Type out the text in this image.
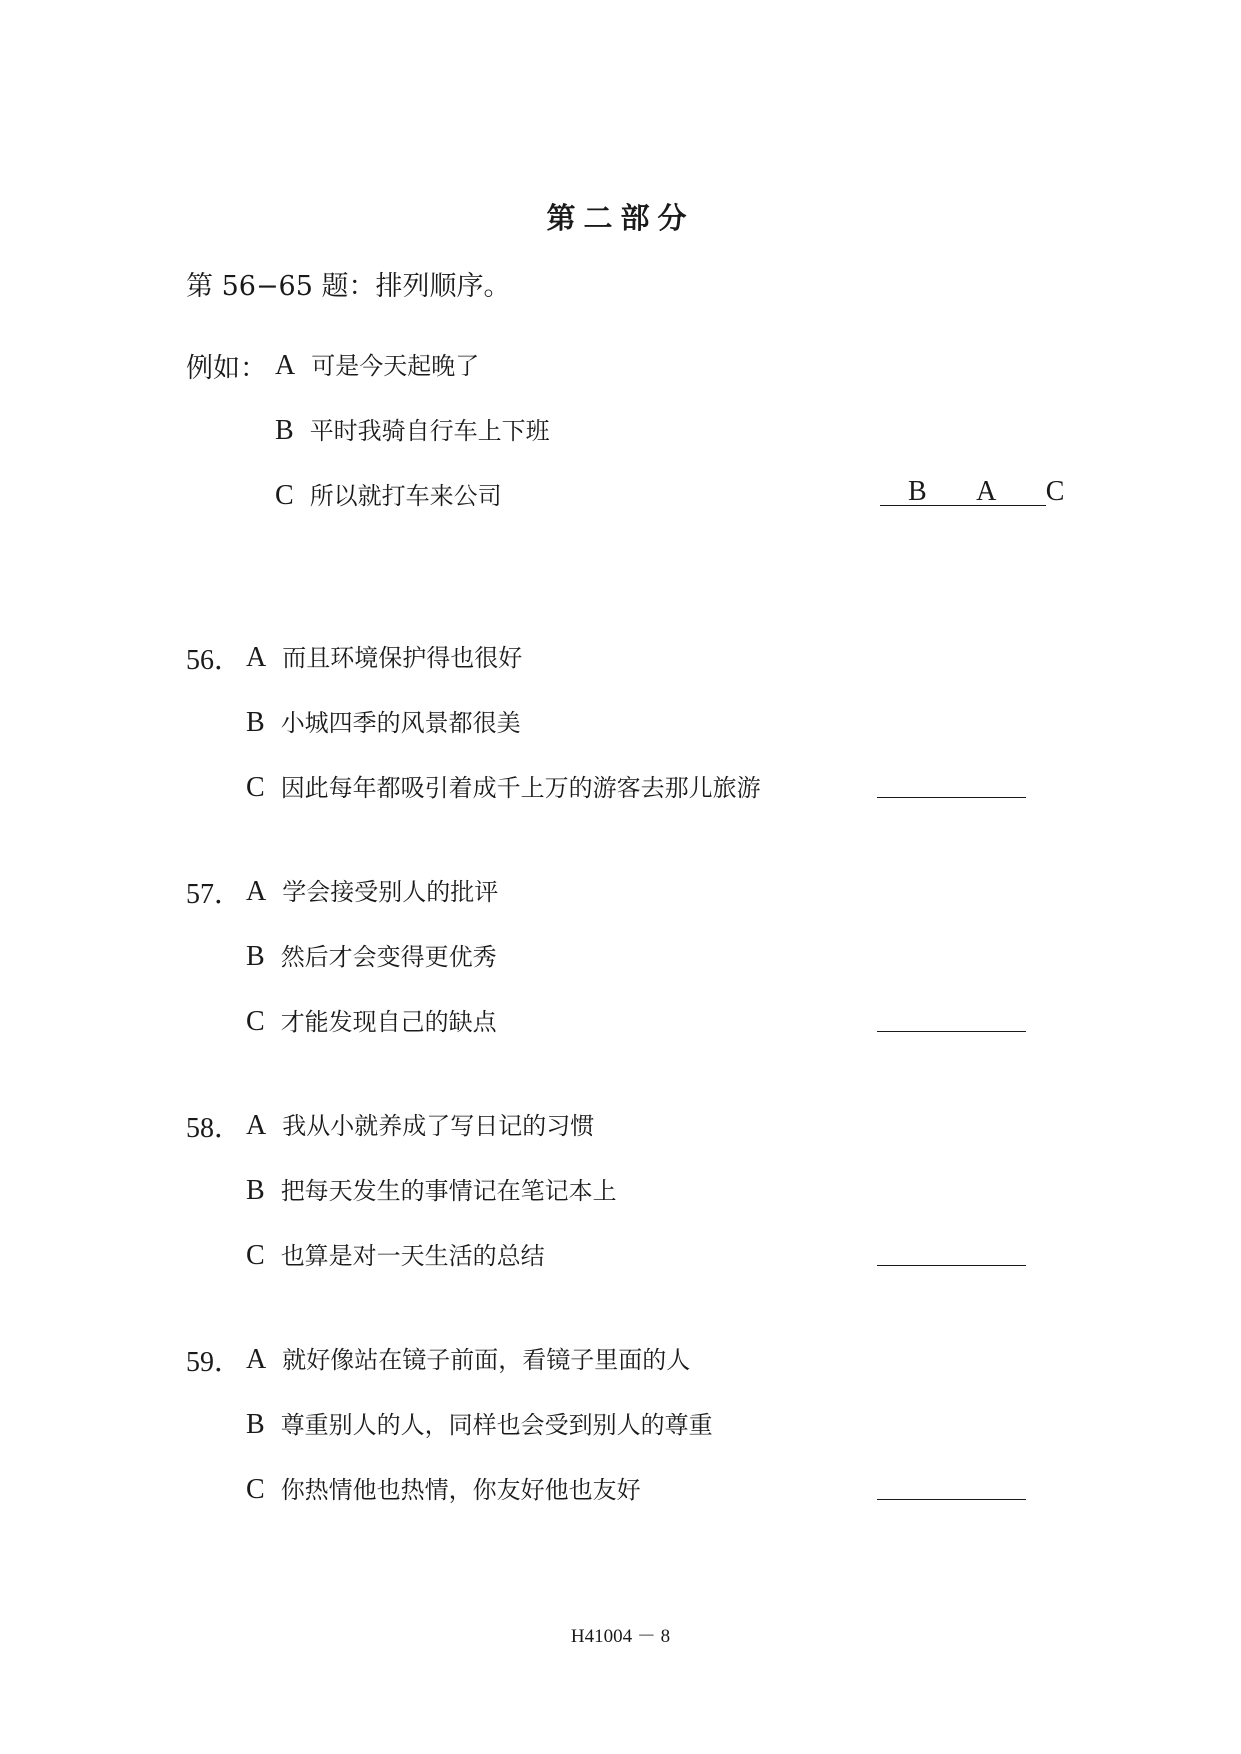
第二部分
第 56−65 题：排列顺序。
例如： A 可是今天起晚了
B 平时我骑自行车上下班
C 所以就打车来公司	B A C
56． A 而且环境保护得也很好
B 小城四季的风景都很美
C 因此每年都吸引着成千上万的游客去那儿旅游
57． A 学会接受别人的批评
B 然后才会变得更优秀
C 才能发现自己的缺点
58． A 我从小就养成了写日记的习惯
B 把每天发生的事情记在笔记本上
C 也算是对一天生活的总结
59． A 就好像站在镜子前面，看镜子里面的人
B 尊重别人的人，同样也会受到别人的尊重
C 你热情他也热情，你友好他也友好
H41004 － 8
